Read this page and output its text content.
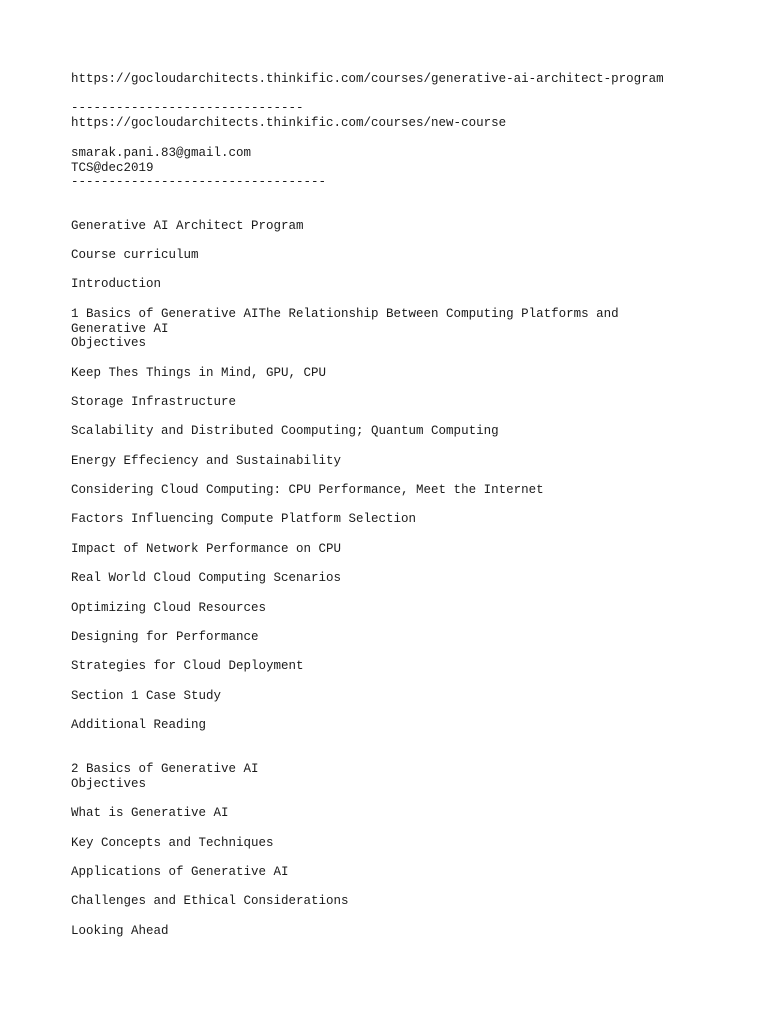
https://gocloudarchitects.thinkific.com/courses/generative-ai-architect-program

-------------------------------

https://gocloudarchitects.thinkific.com/courses/new-course

smarak.pani.83@gmail.com

TCS@dec2019

----------------------------------

Generative AI Architect Program

Course curriculum

Introduction

1 Basics of Generative AIThe Relationship Between Computing Platforms and

Generative AI

Objectives

Keep Thes Things in Mind, GPU, CPU

Storage Infrastructure

Scalability and Distributed Coomputing; Quantum Computing

Energy Effeciency and Sustainability

Considering Cloud Computing: CPU Performance, Meet the Internet

Factors Influencing Compute Platform Selection

Impact of Network Performance on CPU

Real World Cloud Computing Scenarios

Optimizing Cloud Resources

Designing for Performance

Strategies for Cloud Deployment

Section 1 Case Study

Additional Reading

2 Basics of Generative AI

Objectives

What is Generative AI

Key Concepts and Techniques

Applications of Generative AI

Challenges and Ethical Considerations

Looking Ahead
